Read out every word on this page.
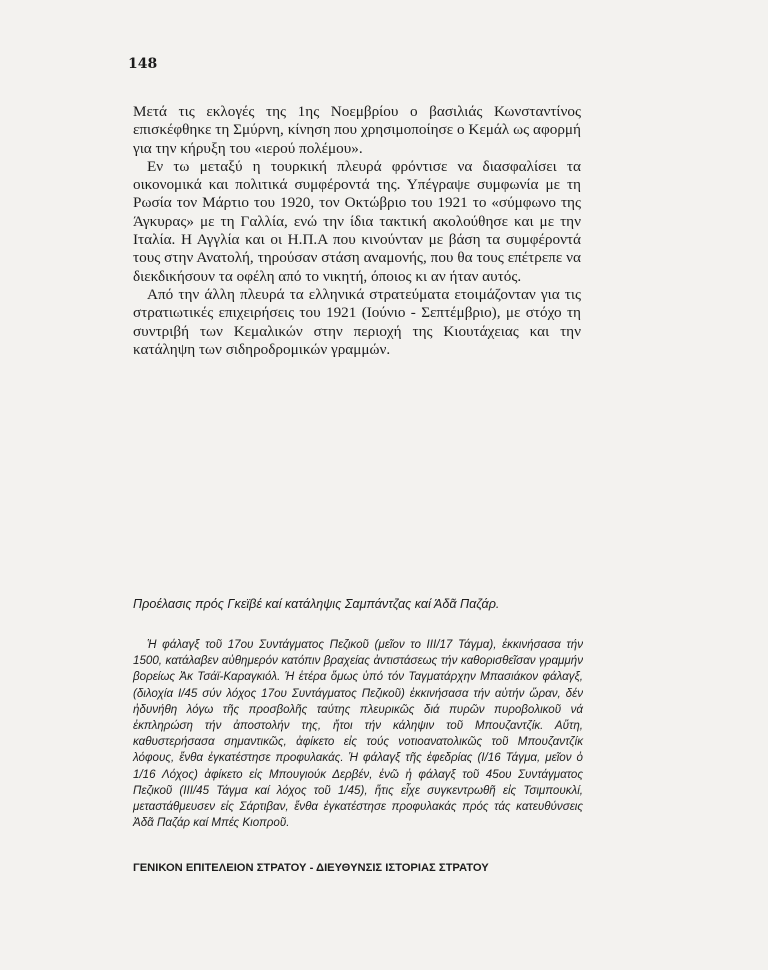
148

Μετά τις εκλογές της 1ης Νοεμβρίου ο βασιλιάς Κωνσταντίνος επισκέφθηκε τη Σμύρνη, κίνηση που χρησιμοποίησε ο Κεμάλ ως αφορμή για την κήρυξη του «ιερού πολέμου».

Εν τω μεταξύ η τουρκική πλευρά φρόντισε να διασφαλίσει τα οικονομικά και πολιτικά συμφέροντά της. Υπέγραψε συμφωνία με τη Ρωσία τον Μάρτιο του 1920, τον Οκτώβριο του 1921 το «σύμφωνο της Άγκυρας» με τη Γαλλία, ενώ την ίδια τακτική ακολούθησε και με την Ιταλία. Η Αγγλία και οι Η.Π.Α που κινούνταν με βάση τα συμφέροντά τους στην Ανατολή, τηρούσαν στάση αναμονής, που θα τους επέτρεπε να διεκδικήσουν τα οφέλη από το νικητή, όποιος κι αν ήταν αυτός.

Από την άλλη πλευρά τα ελληνικά στρατεύματα ετοιμάζονταν για τις στρατιωτικές επιχειρήσεις του 1921 (Ιούνιο - Σεπτέμβριο), με στόχο τη συντριβή των Κεμαλικών στην περιοχή της Κιουτάχειας και την κατάληψη των σιδηροδρομικών γραμμών.

Προέλασις πρός Γκεϊβέ καί κατάληψις Σαμπάντζας καί Άδᾶ Παζάρ.

Ἡ φάλαγξ τοῦ 17ου Συντάγματος Πεζικοῦ (μεῖον το ΙΙΙ/17 Τάγμα), ἐκκινήσασα τήν 1500, κατάλαβεν αὐθημερόν κατόπιν βραχείας ἀντιστάσεως τήν καθορισθεῖσαν γραμμήν βορείως Ἀκ Τσάϊ-Καραγκιόλ. Ἡ ἑτέρα ὅμως ὑπό τόν Ταγματάρχην Μπασιάκον φάλαγξ, (διλοχία Ι/45 σύν λόχος 17ου Συντάγματος Πεζικοῦ) ἐκκινήσασα τήν αὐτήν ὥραν, δέν ἠδυνήθη λόγω τῆς προσβολῆς ταύτης πλευρικῶς διά πυρῶν πυροβολικοῦ νά ἐκπληρώση τήν ἀποστολήν της, ἤτοι τήν κάληψιν τοῦ Μπουζαντζίκ. Αὕτη, καθυστερήσασα σημαντικῶς, ἀφίκετο εἰς τούς νοτιοανατολικῶς τοῦ Μπουζαντζίκ λόφους, ἔνθα ἐγκατέστησε προφυλακάς. Ἡ φάλαγξ τῆς ἐφεδρίας (Ι/16 Τάγμα, μεῖον ὁ 1/16 Λόχος) ἀφίκετο εἰς Μπουγιούκ Δερβέν, ἐνῶ ἡ φάλαγξ τοῦ 45ου Συντάγματος Πεζικοῦ (ΙΙΙ/45 Τάγμα καί λόχος τοῦ 1/45), ἥτις εἶχε συγκεντρωθῆ εἰς Τσιμπουκλί, μεταστάθμευσεν εἰς Σάρτιβαν, ἔνθα ἐγκατέστησε προφυλακάς πρός τάς κατευθύνσεις Ἀδᾶ Παζάρ καί Μπές Κιοπροῦ.

ΓΕΝΙΚΟΝ ΕΠΙΤΕΛΕΙΟΝ ΣΤΡΑΤΟΥ - ΔΙΕΥΘΥΝΣΙΣ ΙΣΤΟΡΙΑΣ ΣΤΡΑΤΟΥ
